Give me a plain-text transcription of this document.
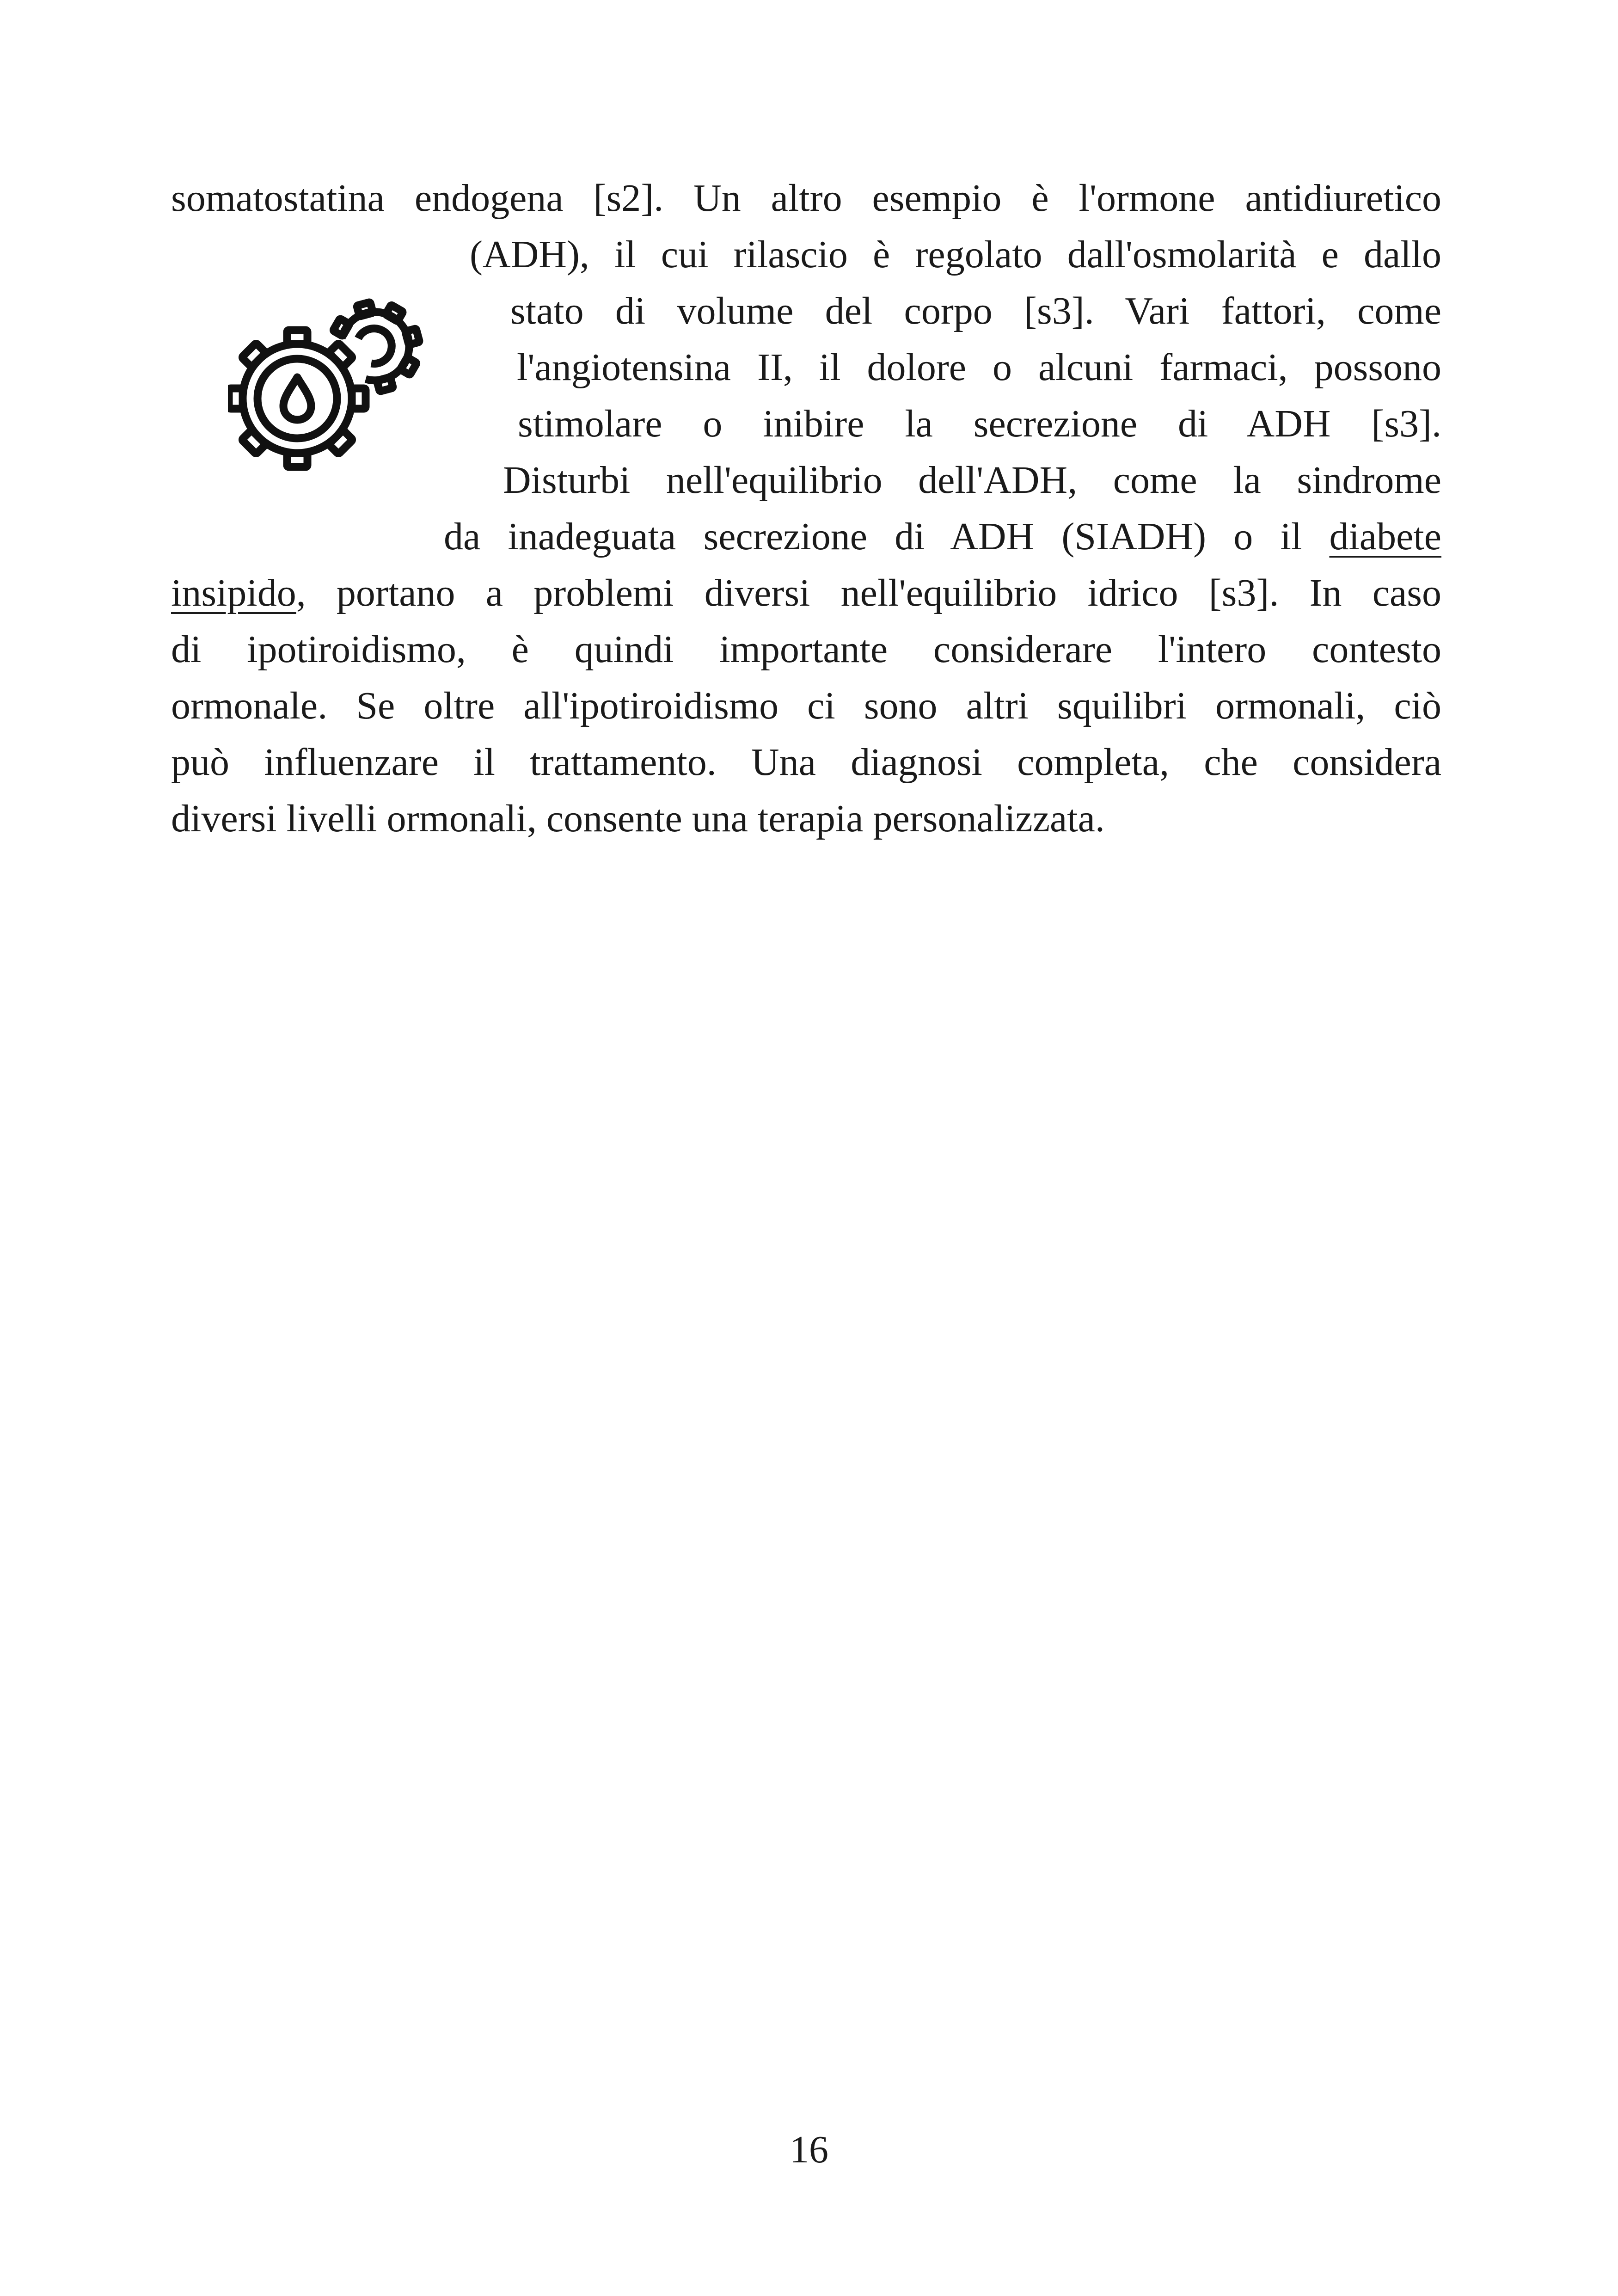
somatostatina endogena [s2]. Un altro esempio è l'ormone antidiuretico
(ADH), il cui rilascio è regolato dall'osmolarità e dallo
stato di volume del corpo [s3]. Vari fattori, come
l'angiotensina II, il dolore o alcuni farmaci, possono
stimolare o inibire la secrezione di ADH [s3].
Disturbi nell'equilibrio dell'ADH, come la sindrome
da inadeguata secrezione di ADH (SIADH) o il diabete
insipido, portano a problemi diversi nell'equilibrio idrico [s3]. In caso
di ipotiroidismo, è quindi importante considerare l'intero contesto
ormonale. Se oltre all'ipotiroidismo ci sono altri squilibri ormonali, ciò
può influenzare il trattamento. Una diagnosi completa, che considera
diversi livelli ormonali, consente una terapia personalizzata.
16
